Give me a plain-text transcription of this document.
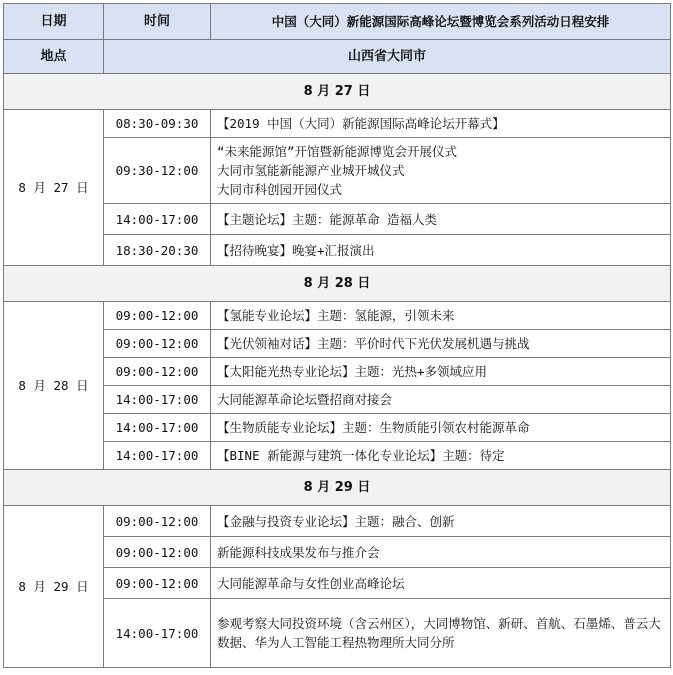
日期	时间	中国（大同）新能源国际高峰论坛暨博览会系列活动日程安排
地点	山西省大同市	
8 月 27 日		
8 月 27 日	08:30-09:30	【2019 中国（大同）新能源国际高峰论坛开幕式】

	09:30-12:00	“未来能源馆”开馆暨新能源博览会开展仪式
大同市氢能新能源产业城开城仪式
大同市科创园开园仪式

	14:00-17:00	【主题论坛】主题：能源革命 造福人类

	18:30-20:30	【招待晚宴】晚宴+汇报演出

8 月 28 日		
8 月 28 日	09:00-12:00	【氢能专业论坛】主题：氢能源，引领未来

	09:00-12:00	【光伏领袖对话】主题：平价时代下光伏发展机遇与挑战

	09:00-12:00	【太阳能光热专业论坛】主题：光热+多领域应用

	14:00-17:00	大同能源革命论坛暨招商对接会

	14:00-17:00	【生物质能专业论坛】主题：生物质能引领农村能源革命

	14:00-17:00	【BINE 新能源与建筑一体化专业论坛】主题：待定

8 月 29 日		
8 月 29 日	09:00-12:00	【金融与投资专业论坛】主题：融合、创新

	09:00-12:00	新能源科技成果发布与推介会

	09:00-12:00	大同能源革命与女性创业高峰论坛

	14:00-17:00	参观考察大同投资环境（含云州区），大同博物馆、新研、首航、石墨烯、普云大数据、华为人工智能工程热物理所大同分所
